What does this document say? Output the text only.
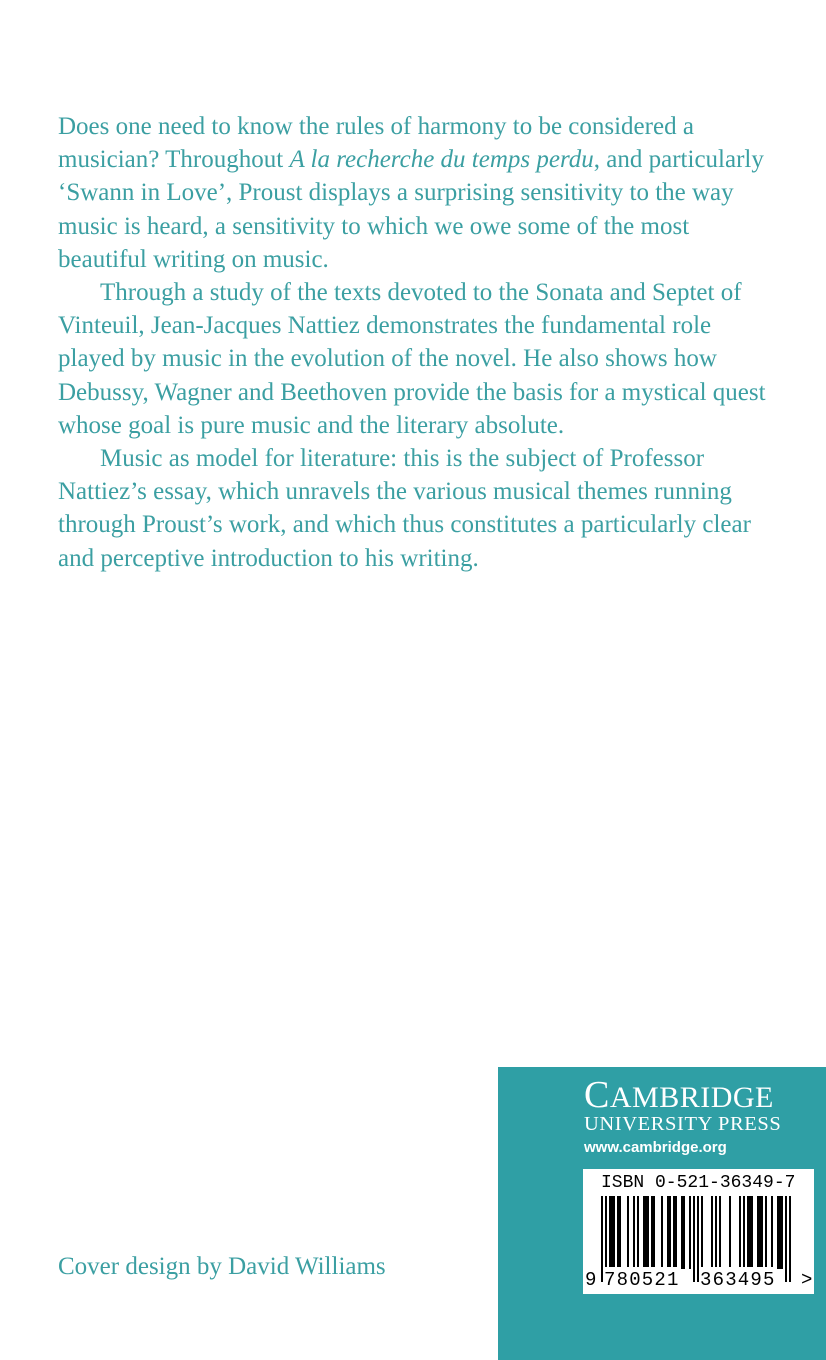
Does one need to know the rules of harmony to be considered a musician? Throughout A la recherche du temps perdu, and particularly ‘Swann in Love’, Proust displays a surprising sensitivity to the way music is heard, a sensitivity to which we owe some of the most beautiful writing on music.

Through a study of the texts devoted to the Sonata and Septet of Vinteuil, Jean-Jacques Nattiez demonstrates the fundamental role played by music in the evolution of the novel. He also shows how Debussy, Wagner and Beethoven provide the basis for a mystical quest whose goal is pure music and the literary absolute.

Music as model for literature: this is the subject of Professor Nattiez’s essay, which unravels the various musical themes running through Proust’s work, and which thus constitutes a particularly clear and perceptive introduction to his writing.

Cover design by David Williams

CAMBRIDGE
UNIVERSITY PRESS
www.cambridge.org
ISBN 0-521-36349-7
9 780521 363495 >
